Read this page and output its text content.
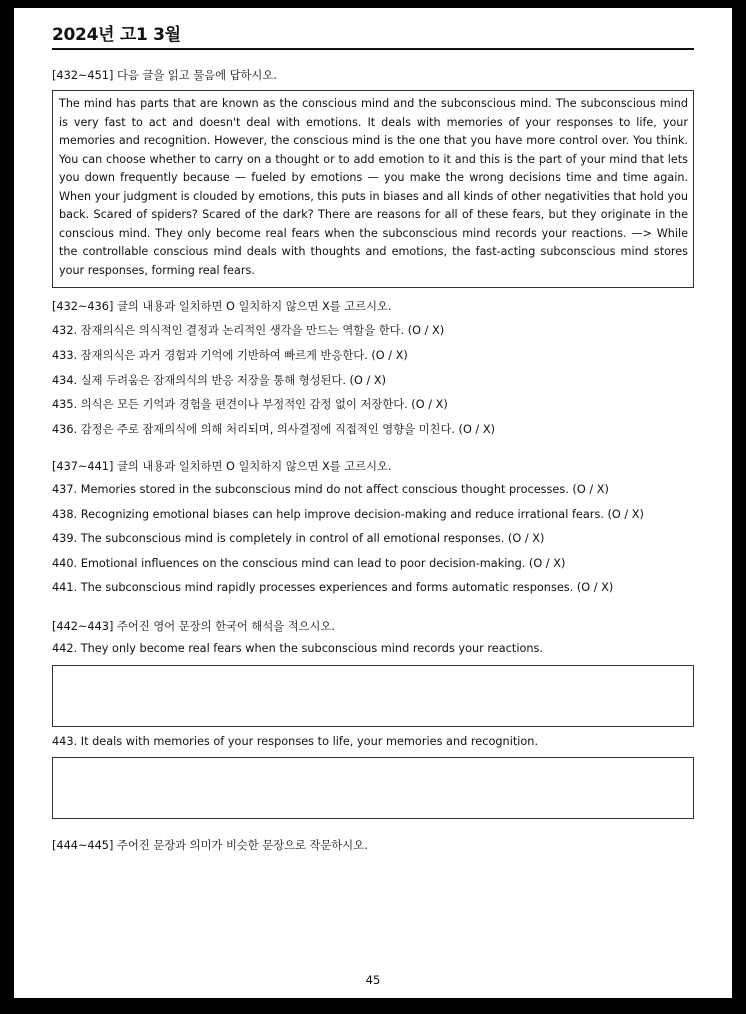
2024년 고1 3월
[432~451] 다음 글을 읽고 물음에 답하시오.

The mind has parts that are known as the conscious mind and the subconscious mind. The subconscious mind is very fast to act and doesn't deal with emotions. It deals with memories of your responses to life, your memories and recognition. However, the conscious mind is the one that you have more control over. You think. You can choose whether to carry on a thought or to add emotion to it and this is the part of your mind that lets you down frequently because — fueled by emotions — you make the wrong decisions time and time again. When your judgment is clouded by emotions, this puts in biases and all kinds of other negativities that hold you back. Scared of spiders? Scared of the dark? There are reasons for all of these fears, but they originate in the conscious mind. They only become real fears when the subconscious mind records your reactions. —> While the controllable conscious mind deals with thoughts and emotions, the fast-acting subconscious mind stores your responses, forming real fears.

[432~436] 글의 내용과 일치하면 O 일치하지 않으면 X를 고르시오.
432. 잠재의식은 의식적인 결정과 논리적인 생각을 만드는 역할을 한다. (O / X)
433. 잠재의식은 과거 경험과 기억에 기반하여 빠르게 반응한다. (O / X)
434. 실제 두려움은 잠재의식의 반응 저장을 통해 형성된다. (O / X)
435. 의식은 모든 기억과 경험을 편견이나 부정적인 감정 없이 저장한다. (O / X)
436. 감정은 주로 잠재의식에 의해 처리되며, 의사결정에 직접적인 영향을 미친다. (O / X)
[437~441] 글의 내용과 일치하면 O 일치하지 않으면 X를 고르시오.
437. Memories stored in the subconscious mind do not affect conscious thought processes. (O / X)
438. Recognizing emotional biases can help improve decision-making and reduce irrational fears. (O / X)
439. The subconscious mind is completely in control of all emotional responses. (O / X)
440. Emotional influences on the conscious mind can lead to poor decision-making. (O / X)
441. The subconscious mind rapidly processes experiences and forms automatic responses. (O / X)
[442~443] 주어진 영어 문장의 한국어 해석을 적으시오.
442. They only become real fears when the subconscious mind records your reactions.
443. It deals with memories of your responses to life, your memories and recognition.
[444~445] 주어진 문장과 의미가 비슷한 문장으로 작문하시오.
45
